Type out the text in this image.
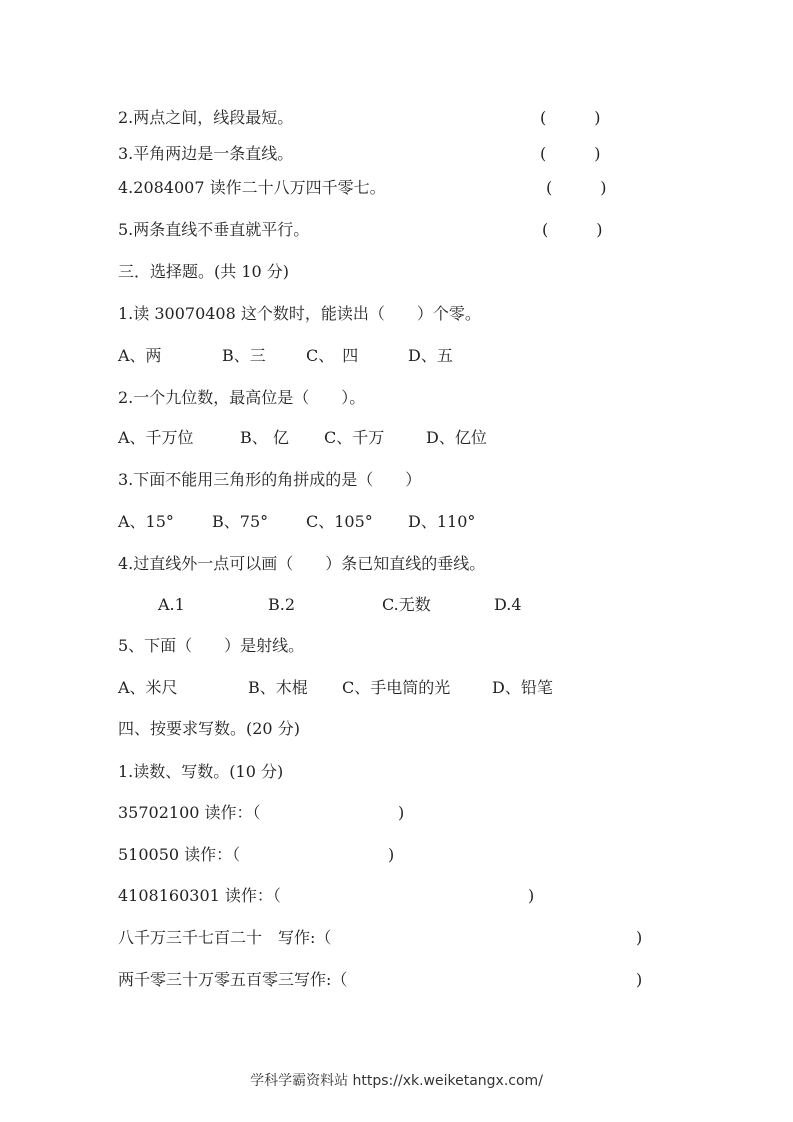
2.两点之间，线段最短。	(　　　)
3.平角两边是一条直线。	(　　　)
4.2084007 读作二十八万四千零七。	(　　　)
5.两条直线不垂直就平行。	(　　　)
三．选择题。(共 10 分)
1.读 30070408 这个数时，能读出（　　）个零。
A、两	B、三	C、　四	D、五
2.一个九位数，最高位是（　　）。
A、千万位	B、 亿 C、千万	D、亿位
3.下面不能用三角形的角拼成的是（　　）
A、15° B、75° C、105° D、110°
4.过直线外一点可以画（　　）条已知直线的垂线。
A.1	B.2	C.无数	D.4
5、下面（　　）是射线。
A、米尺	B、木棍 C、手电筒的光	D、铅笔
四、按要求写数。(20 分)
1.读数、写数。(10 分)
35702100 读作：（	)
510050 读作：（	)
4108160301 读作：（	)
八千万三千七百二十　写作:（	)
两千零三十万零五百零三写作:（	)
学科学霸资料站 https://xk.weiketangx.com/
